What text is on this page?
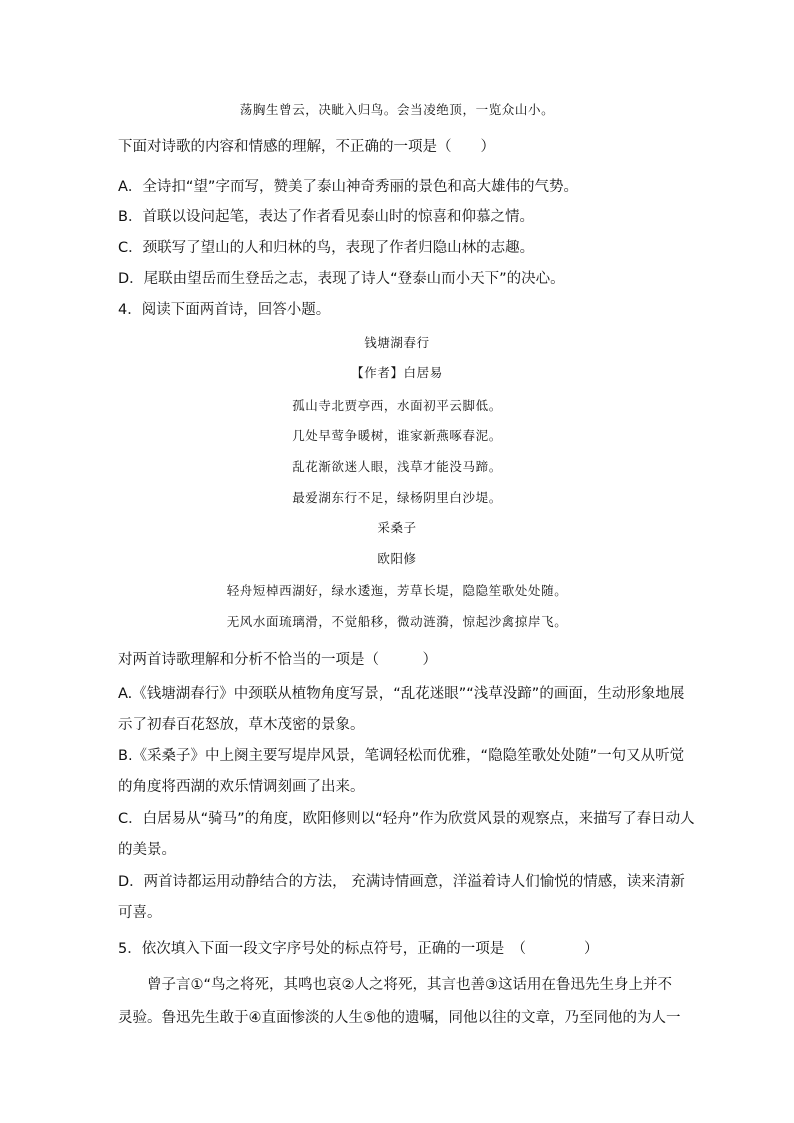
荡胸生曾云，决眦入归鸟。会当凌绝顶，一览众山小。
下面对诗歌的内容和情感的理解，不正确的一项是（　　）
A．全诗扣“望”字而写，赞美了泰山神奇秀丽的景色和高大雄伟的气势。
B．首联以设问起笔，表达了作者看见泰山时的惊喜和仰慕之情。
C．颈联写了望山的人和归林的鸟，表现了作者归隐山林的志趣。
D．尾联由望岳而生登岳之志，表现了诗人“登泰山而小天下”的决心。
4．阅读下面两首诗，回答小题。
钱塘湖春行
【作者】白居易
孤山寺北贾亭西，水面初平云脚低。
几处早莺争暖树，谁家新燕啄春泥。
乱花渐欲迷人眼，浅草才能没马蹄。
最爱湖东行不足，绿杨阴里白沙堤。
采桑子
欧阳修
轻舟短棹西湖好，绿水逶迤，芳草长堤，隐隐笙歌处处随。
无风水面琉璃滑，不觉船移，微动涟漪，惊起沙禽掠岸飞。
对两首诗歌理解和分析不恰当的一项是（　　　）
A.《钱塘湖春行》中颈联从植物角度写景，“乱花迷眼”“浅草没蹄”的画面，生动形象地展
示了初春百花怒放，草木茂密的景象。
B.《采桑子》中上阕主要写堤岸风景，笔调轻松而优雅，“隐隐笙歌处处随”一句又从听觉
的角度将西湖的欢乐情调刻画了出来。
C．白居易从“骑马”的角度，欧阳修则以“轻舟”作为欣赏风景的观察点，来描写了春日动人
的美景。
D．两首诗都运用动静结合的方法， 充满诗情画意，洋溢着诗人们愉悦的情感，读来清新
可喜。
5．依次填入下面一段文字序号处的标点符号，正确的一项是　（　　　　）
曾子言①“鸟之将死，其鸣也哀②人之将死，其言也善③这话用在鲁迅先生身上并不
灵验。鲁迅先生敢于④直面惨淡的人生⑤他的遗嘱，同他以往的文章，乃至同他的为人一
